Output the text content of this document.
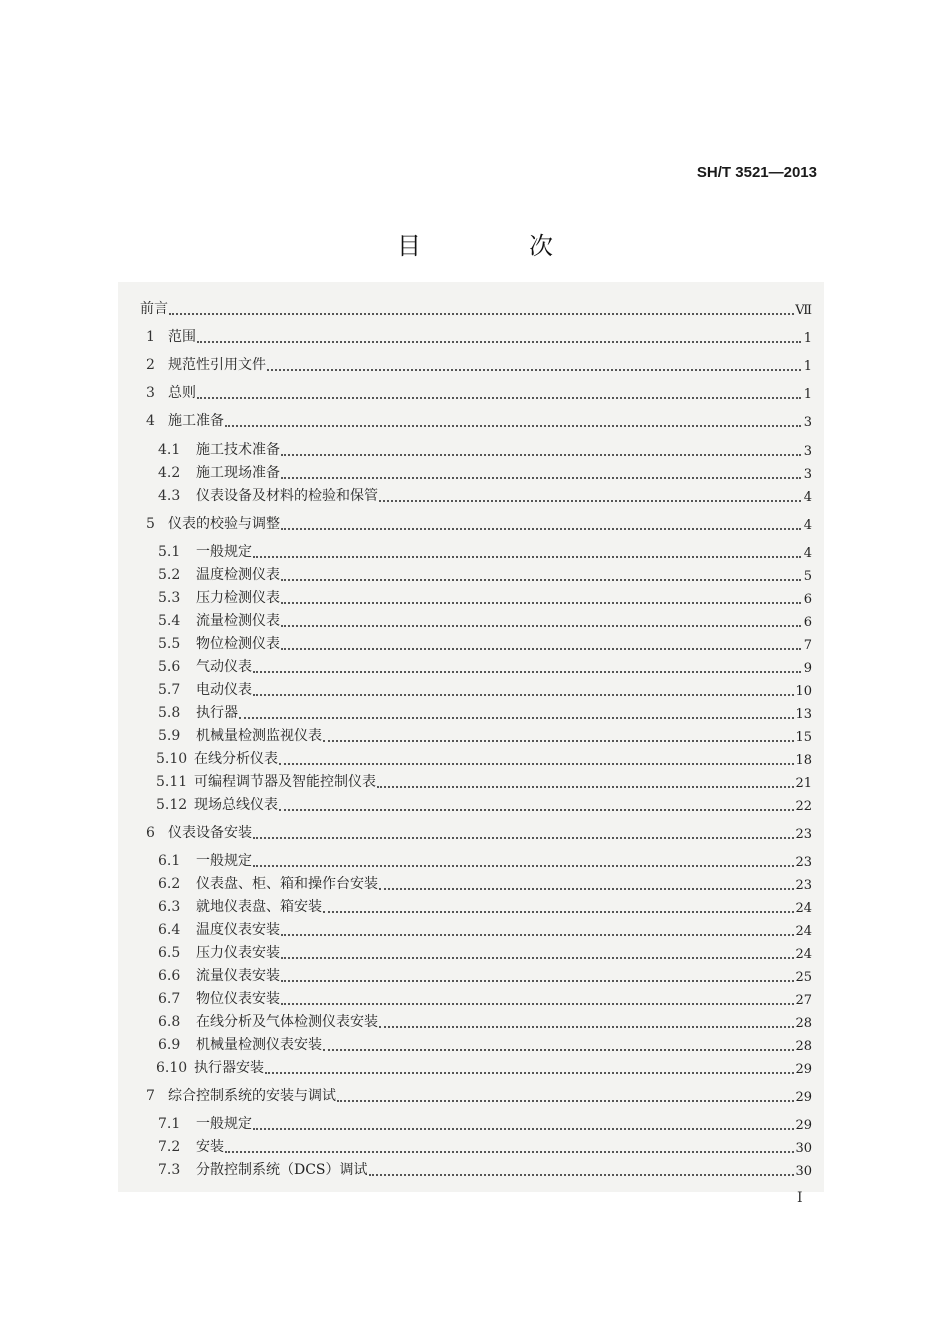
SH/T 3521—2013
目　次
前言	Ⅶ
1 范围	1
2 规范性引用文件	1
3 总则	1
4 施工准备	3
4.1	施工技术准备	3
4.2	施工现场准备	3
4.3	仪表设备及材料的检验和保管	4
5 仪表的校验与调整	4
5.1	一般规定	4
5.2	温度检测仪表	5
5.3	压力检测仪表	6
5.4	流量检测仪表	6
5.5	物位检测仪表	7
5.6	气动仪表	9
5.7	电动仪表	10
5.8	执行器	13
5.9	机械量检测监视仪表	15
5.10 在线分析仪表	18
5.11 可编程调节器及智能控制仪表	21
5.12 现场总线仪表	22
6 仪表设备安装	23
6.1	一般规定	23
6.2	仪表盘、柜、箱和操作台安装	23
6.3	就地仪表盘、箱安装	24
6.4	温度仪表安装	24
6.5	压力仪表安装	24
6.6	流量仪表安装	25
6.7	物位仪表安装	27
6.8	在线分析及气体检测仪表安装	28
6.9	机械量检测仪表安装	28
6.10 执行器安装	29
7 综合控制系统的安装与调试	29
7.1	一般规定	29
7.2	安装	30
7.3	分散控制系统（DCS）调试	30
I
